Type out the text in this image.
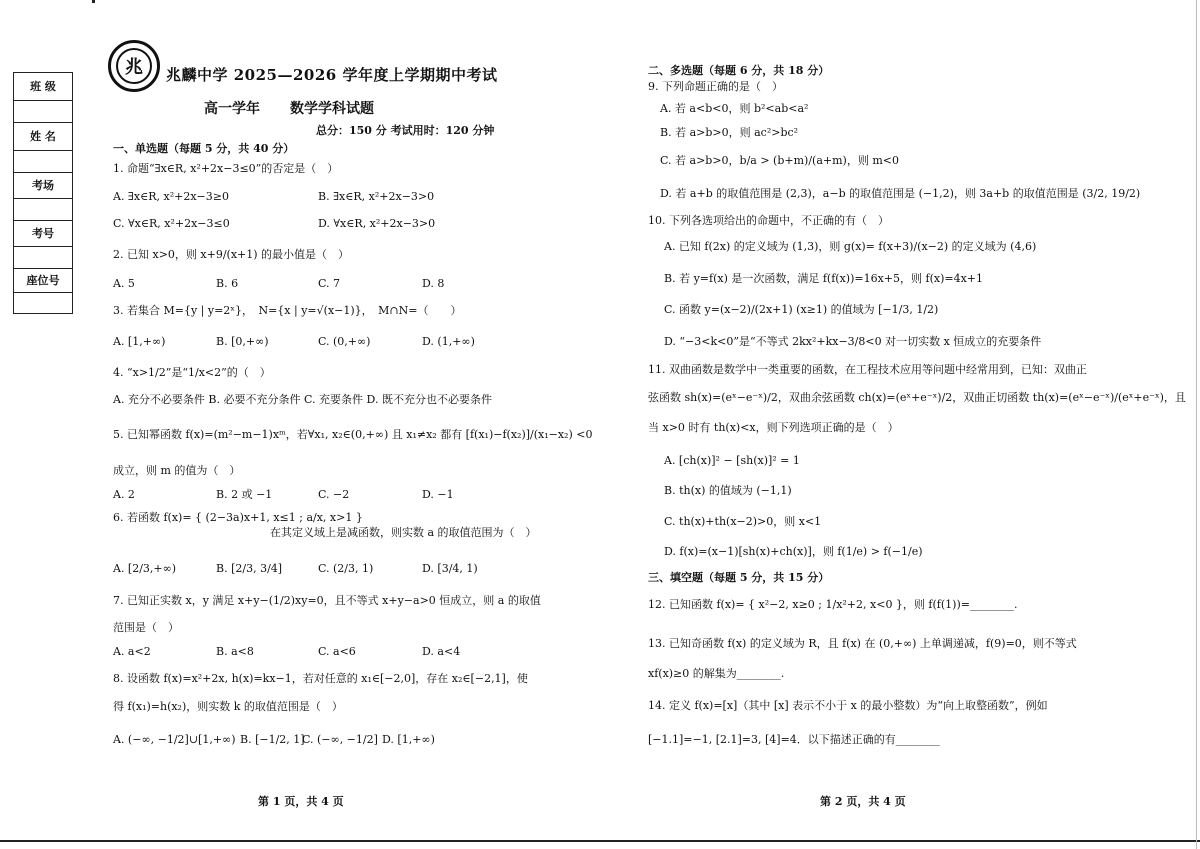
班 级
姓 名
考场
考号
座位号
兆 兆麟中学 2025—2026 学年度上学期期中考试
高一学年 数学学科试题
总分：150 分 考试用时：120 分钟
一、单选题（每题 5 分，共 40 分）
1. 命题“∃x∈R, x²+2x−3≤0”的否定是（　）
A. ∃x∈R, x²+2x−3≥0	B. ∃x∈R, x²+2x−3>0
C. ∀x∈R, x²+2x−3≤0	D. ∀x∈R, x²+2x−3>0
2. 已知 x>0，则 x+9/(x+1) 的最小值是（　）
A. 5	B. 6	C. 7	D. 8
3. 若集合 M={y | y=2ˣ}，　N={x | y=√(x−1)}，　M∩N=（　　）
A. [1,+∞)	B. [0,+∞)	C. (0,+∞)	D. (1,+∞)
4. “x>1/2”是“1/x<2”的（　）
A. 充分不必要条件 B. 必要不充分条件 C. 充要条件 D. 既不充分也不必要条件
5. 已知幂函数 f(x)=(m²−m−1)xᵐ，若∀x₁, x₂∈(0,+∞) 且 x₁≠x₂ 都有 [f(x₁)−f(x₂)]/(x₁−x₂) <0
成立，则 m 的值为（　）
A. 2	B. 2 或 −1	C. −2	D. −1
6. 若函数 f(x)= { (2−3a)x+1, x≤1 ; a/x, x>1 }
在其定义域上是减函数，则实数 a 的取值范围为（　）
A. [2/3,+∞)	B. [2/3, 3/4]	C. (2/3, 1)	D. [3/4, 1)
7. 已知正实数 x，y 满足 x+y−(1/2)xy=0，且不等式 x+y−a>0 恒成立，则 a 的取值
范围是（　）
A. a<2	B. a<8	C. a<6	D. a<4
8. 设函数 f(x)=x²+2x, h(x)=kx−1，若对任意的 x₁∈[−2,0]，存在 x₂∈[−2,1]，使
得 f(x₁)=h(x₂)，则实数 k 的取值范围是（　）
A. (−∞, −1/2]∪[1,+∞) B. [−1/2, 1]
C. (−∞, −1/2] D. [1,+∞)
第 1 页，共 4 页
二、多选题（每题 6 分，共 18 分）
9. 下列命题正确的是（　）
A. 若 a<b<0，则 b²<ab<a²
B. 若 a>b>0，则 ac²>bc²
C. 若 a>b>0，b/a > (b+m)/(a+m)，则 m<0
D. 若 a+b 的取值范围是 (2,3)，a−b 的取值范围是 (−1,2)，则 3a+b 的取值范围是 (3/2, 19/2)
10. 下列各选项给出的命题中，不正确的有（　）
A. 已知 f(2x) 的定义域为 (1,3)，则 g(x)= f(x+3)/(x−2) 的定义域为 (4,6)
B. 若 y=f(x) 是一次函数，满足 f(f(x))=16x+5，则 f(x)=4x+1
C. 函数 y=(x−2)/(2x+1) (x≥1) 的值域为 [−1/3, 1/2)
D. “−3<k<0”是“不等式 2kx²+kx−3/8<0 对一切实数 x 恒成立的充要条件
11. 双曲函数是数学中一类重要的函数，在工程技术应用等问题中经常用到，已知：双曲正
弦函数 sh(x)=(eˣ−e⁻ˣ)/2，双曲余弦函数 ch(x)=(eˣ+e⁻ˣ)/2，双曲正切函数 th(x)=(eˣ−e⁻ˣ)/(eˣ+e⁻ˣ)，且
当 x>0 时有 th(x)<x，则下列选项正确的是（　）
A. [ch(x)]² − [sh(x)]² = 1
B. th(x) 的值域为 (−1,1)
C. th(x)+th(x−2)>0，则 x<1
D. f(x)=(x−1)[sh(x)+ch(x)]，则 f(1/e) > f(−1/e)
三、填空题（每题 5 分，共 15 分）
12. 已知函数 f(x)= { x²−2, x≥0 ; 1/x²+2, x<0 }，则 f(f(1))=________.
13. 已知奇函数 f(x) 的定义域为 R，且 f(x) 在 (0,+∞) 上单调递减，f(9)=0，则不等式
xf(x)≥0 的解集为________.
14. 定义 f(x)=[x]（其中 [x] 表示不小于 x 的最小整数）为“向上取整函数”，例如
[−1.1]=−1, [2.1]=3, [4]=4．以下描述正确的有________
第 2 页，共 4 页
